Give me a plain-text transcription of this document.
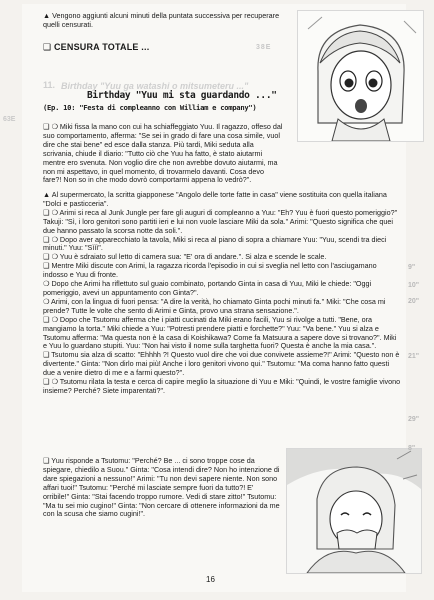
▲ Vengono aggiunti alcuni minuti della puntata successiva per recuperare quelli censurati.
❑ CENSURA TOTALE ...	38E
11. Birthday "Yuu ga watashi o mitsumeteru ..."
Birthday "Yuu mi sta guardando ..."
(Ep. 10: "Festa di compleanno con William e company")
63E

❑ ❍ Miki fissa la mano con cui ha schiaffeggiato Yuu. Il ragazzo, offeso dal suo comportamento, afferma: "Se sei in grado di fare una cosa simile, vuol dire che stai bene" ed esce dalla stanza. Più tardi, Miki seduta alla scrivania, chiude il diario: "Tutto ciò che Yuu ha fatto, è stato aiutarmi mentre ero svenuta. Non voglio dire che non avrebbe dovuto aiutarmi, ma non mi aspettavo, in quel momento, di trovarmelo davanti. Cosa devo fare?! Non so in che modo dovrò comportarmi appena lo vedrò?".

▲ Al supermercato, la scritta giapponese "Angolo delle torte fatte in casa" viene sostituita con quella italiana "Dolci e pasticceria".

❑ ❍ Arimi si reca al Junk Jungle per fare gli auguri di compleanno a Yuu: "Eh? Yuu è fuori questo pomeriggio?" Takuji: "Sì, i loro genitori sono partiti ieri e lui non vuole lasciare Miki da sola." Arimi: "Questo significa che quei due hanno passato la scorsa notte da soli.".

❑ ❍ Dopo aver apparecchiato la tavola, Miki si reca al piano di sopra a chiamare Yuu: "Yuu, scendi tra dieci minuti." Yuu: "Sììì".

❑ ❍ Yuu è sdraiato sul letto di camera sua: "E' ora di andare.". Si alza e scende le scale.

❑ Mentre Miki discute con Arimi, la ragazza ricorda l'episodio in cui si sveglia nel letto con l'asciugamano indosso e Yuu di fronte.

❍ Dopo che Arimi ha riflettuto sul guaio combinato, portando Ginta in casa di Yuu, Miki le chiede: "Oggi pomeriggio, avevi un appuntamento con Ginta?".

❍ Arimi, con la lingua di fuori pensa: "A dire la verità, ho chiamato Ginta pochi minuti fa." Miki: "Che cosa mi prende? Tutte le volte che sento di Arimi e Ginta, provo una strana sensazione.".

❑ ❍ Dopo che Tsutomu afferma che i piatti cucinati da Miki erano facili, Yuu si rivolge a tutti. "Bene, ora mangiamo la torta." Miki chiede a Yuu: "Potresti prendere piatti e forchette?" Yuu: "Va bene." Yuu si alza e Tsutomu afferma: "Ma questa non è la casa di Koishikawa? Come fa Matsuura a sapere dove si trovano?". Miki e Yuu lo guardano stupiti. Yuu: "Non hai visto il nome sulla targhetta fuori? Questa è anche la mia casa.".

❑ Tsutomu sia alza di scatto: "Ehhhh ?! Questo vuol dire che voi due convivete assieme?!" Arimi: "Questo non è divertente." Ginta: "Non dirlo mai più! Anche i loro genitori vivono qui." Tsutomu: "Ma coma hanno fatto questi due a venire dietro di me e a farmi questo?".

❑ ❍ Tsutomu rilata la testa e cerca di capire meglio la situazione di Yuu e Miki: "Quindi, le vostre famiglie vivono insieme? Perché? Siete imparentati?".

❑ Yuu risponde a Tsutomu: "Perché? Be ... ci sono troppe cose da spiegare, chiedilo a Suou." Ginta: "Cosa intendi dire? Non ho intenzione di dare spiegazioni a nessuno!" Arimi: "Tu non devi sapere niente. Non sono affari tuoi!" Tsutomu: "Perché mi lasciate sempre fuori da tutto?! E' orribile!" Ginta: "Stai facendo troppo rumore. Vedi di stare zitto!" Tsutomu: "Ma tu sei mio cugino!" Ginta: "Non cercare di ottenere informazioni da me con la scusa che siamo cugini!".

9"
10"
20"
21"
29"
8"
16
